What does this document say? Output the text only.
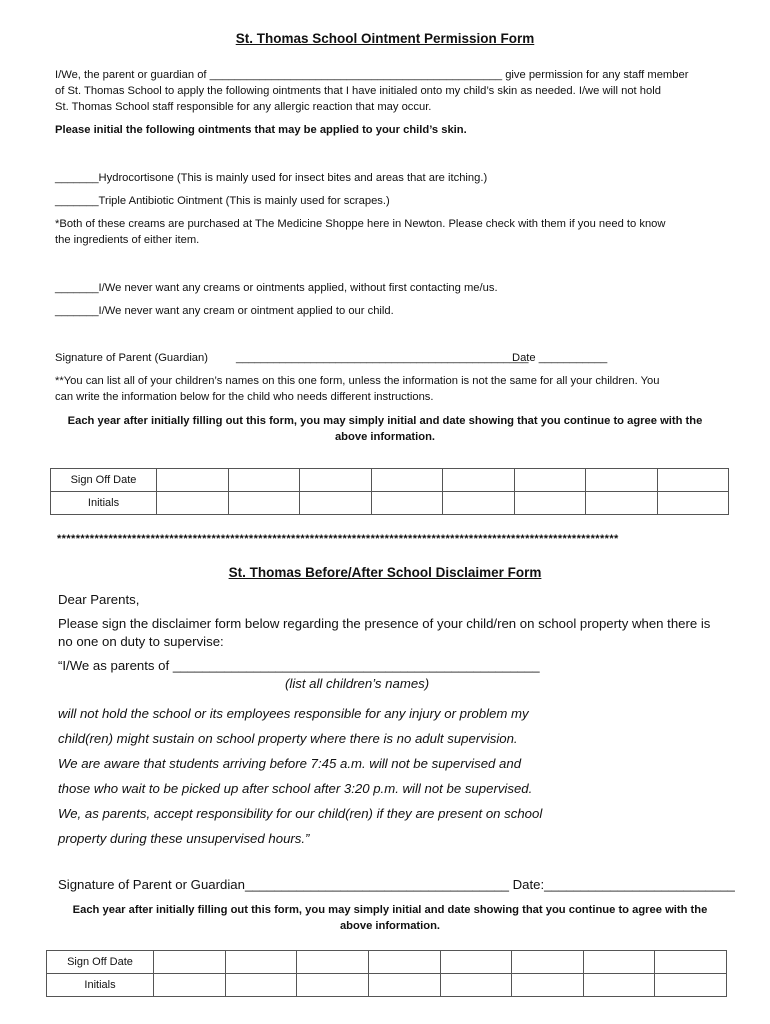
St. Thomas School Ointment Permission Form
I/We, the parent or guardian of _______________________________________________ give permission for any staff member
of St. Thomas School to apply the following ointments that I have initialed onto my child’s skin as needed. I/we will not hold
St. Thomas School staff responsible for any allergic reaction that may occur.
Please initial the following ointments that may be applied to your child’s skin.
_______Hydrocortisone (This is mainly used for insect bites and areas that are itching.)
_______Triple Antibiotic Ointment (This is mainly used for scrapes.)
*Both of these creams are purchased at The Medicine Shoppe here in Newton. Please check with them if you need to know
the ingredients of either item.
_______I/We never want any creams or ointments applied, without first contacting me/us.
_______I/We never want any cream or ointment applied to our child.
Signature of Parent (Guardian)	_______________________________________________
Date ___________
**You can list all of your children’s names on this one form, unless the information is not the same for all your children. You
can write the information below for the child who needs different instructions.
Each year after initially filling out this form, you may simply initial and date showing that you continue to agree with the
above information.
Sign Off Date								
Initials								
************************************************************************************************************************
St. Thomas Before/After School Disclaimer Form
Dear Parents,
Please sign the disclaimer form below regarding the presence of your child/ren on school property when there is
no one on duty to supervise:
“I/We as parents of __________________________________________________
(list all children’s names)
will not hold the school or its employees responsible for any injury or problem my
child(ren) might sustain on school property where there is no adult supervision.
We are aware that students arriving before 7:45 a.m. will not be supervised and
those who wait to be picked up after school after 3:20 p.m. will not be supervised.
We, as parents, accept responsibility for our child(ren) if they are present on school
property during these unsupervised hours.”
Signature of Parent or Guardian____________________________________ Date:__________________________
Each year after initially filling out this form, you may simply initial and date showing that you continue to agree with the
above information.
Sign Off Date								
Initials								
